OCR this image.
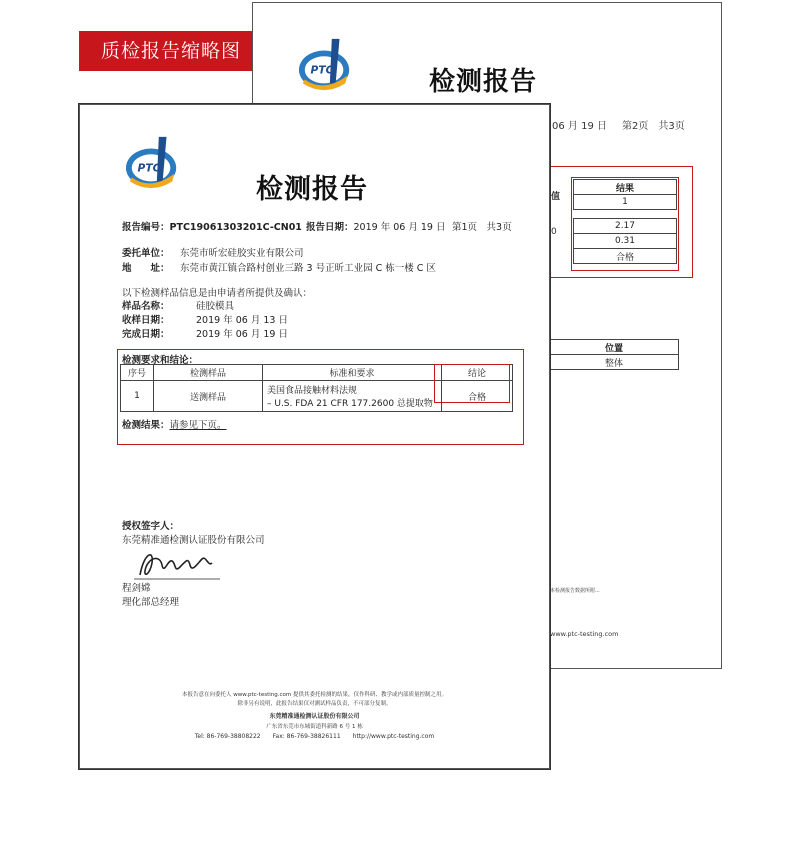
质检报告缩略图
PTC	检测报告
06 月 19 日 第2页　共3页
值
0
结果
1

2.17
0.31
合格
位置
整体
本检测报告数据所附...
www.ptc-testing.com
PTC
检测报告
报告编号：PTC19061303201C-CN01 报告日期：2019 年 06 月 19 日 第1页　共3页
委托单位： 东莞市昕宏硅胶实业有限公司
地　　址： 东莞市黄江镇合路村创业三路 3 号正昕工业园 C 栋一楼 C 区
以下检测样品信息是由申请者所提供及确认：
样品名称：	硅胶模具
收样日期：	2019 年 06 月 13 日
完成日期：	2019 年 06 月 19 日
检测要求和结论：
序号	检测样品	标准和要求	结论
1	送测样品	美国食品接触材料法规
– U.S. FDA 21 CFR 177.2600 总提取物	合格
检测结果：请参见下页。
授权签字人：
东莞精准通检测认证股份有限公司
程剑嫦
理化部总经理
本报告意在向委托人 www.ptc-testing.com 提供其委托检测的结果，仅作科研、教学或内部质量控制之用。
除非另有说明，此报告结果仅对测试样品负责，不可部分复制。
东莞精准通检测认证股份有限公司
广东省东莞市东城街道科新路 6 号 1 栋
Tel: 86-769-38808222　　Fax: 86-769-38826111　　http://www.ptc-testing.com
